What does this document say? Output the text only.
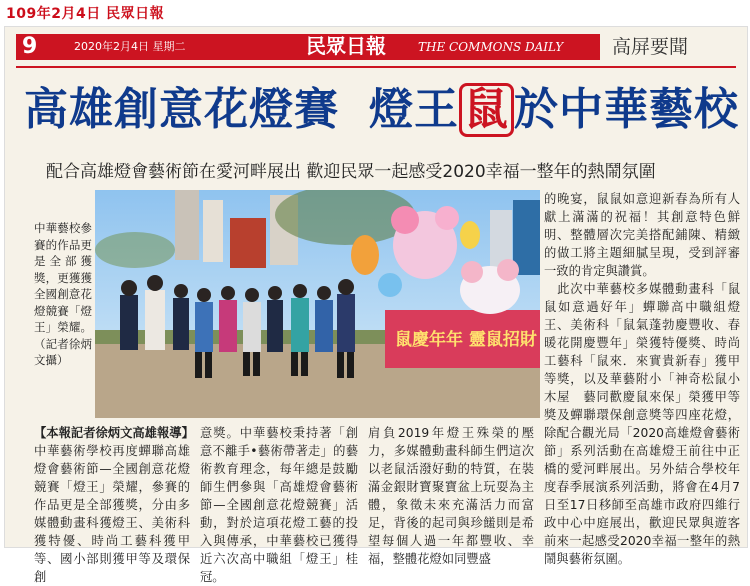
109年2月4日 民眾日報
9	2020年2月4日 星期二	民眾日報	THE COMMONS DAILY	高屏要聞
高雄創意花燈賽 燈王 鼠 於中華藝校
配合高雄燈會藝術節在愛河畔展出 歡迎民眾一起感受2020幸福一整年的熱鬧氛圍
中華藝校參賽的作品更是全部獲獎，更獲獲全國創意花燈競賽「燈王」榮耀。（記者徐炳文攝）
鼠慶年年 靈鼠招財
的晚宴，鼠鼠如意迎新春為所有人獻上滿滿的祝福！其創意特色鮮明、整體層次完美搭配鋪陳、精緻的做工將主題細膩呈現，受到評審一致的肯定與讚賞。
　此次中華藝校多媒體動畫科「鼠鼠如意過好年」蟬聯高中職組燈王、美術科「鼠氣蓬勃慶豐收、春暖花開慶豐年」榮獲特優獎、時尚工藝科「鼠來．來實貴新春」獲甲等獎，以及華藝附小「神奇松鼠小木屋　藝同歡慶鼠來保」榮獲甲等獎及蟬聯環保創意獎等四座花燈，除配合觀光局「2020高雄燈會藝術節」系列活動在高雄燈王前往中正橋的愛河畔展出。另外結合學校年度春季展演系列活動，將會在4月7日至17日移師至高雄市政府四維行政中心中庭展出，歡迎民眾與遊客前來一起感受2020幸福一整年的熱鬧與藝術氛圍。
【本報記者徐炳文高雄報導】
中華藝術學校再度蟬聯高雄燈會藝術節—全國創意花燈競賽「燈王」榮耀，參賽的作品更是全部獲獎，分由多媒體動畫科獲燈王、美術科獲特優、時尚工藝科獲甲等、國小部則獲甲等及環保創
意獎。中華藝校秉持著「創意不離手•藝術帶著走」的藝術教育理念，每年總是鼓勵師生們參與「高雄燈會藝術節—全國創意花燈競賽」活動，對於這項花燈工藝的投入與傳承，中華藝校已獲得近六次高中職組「燈王」桂冠。
肩負2019年燈王殊榮的壓力，多媒體動畫科師生們這次以老鼠活潑好動的特質，在裝滿金銀財寶聚寶盆上玩耍為主體，象徵未來充滿活力而富足，背後的起司與珍饈則是希望每個人過一年都豐收、幸福，整體花燈如同豐盛
